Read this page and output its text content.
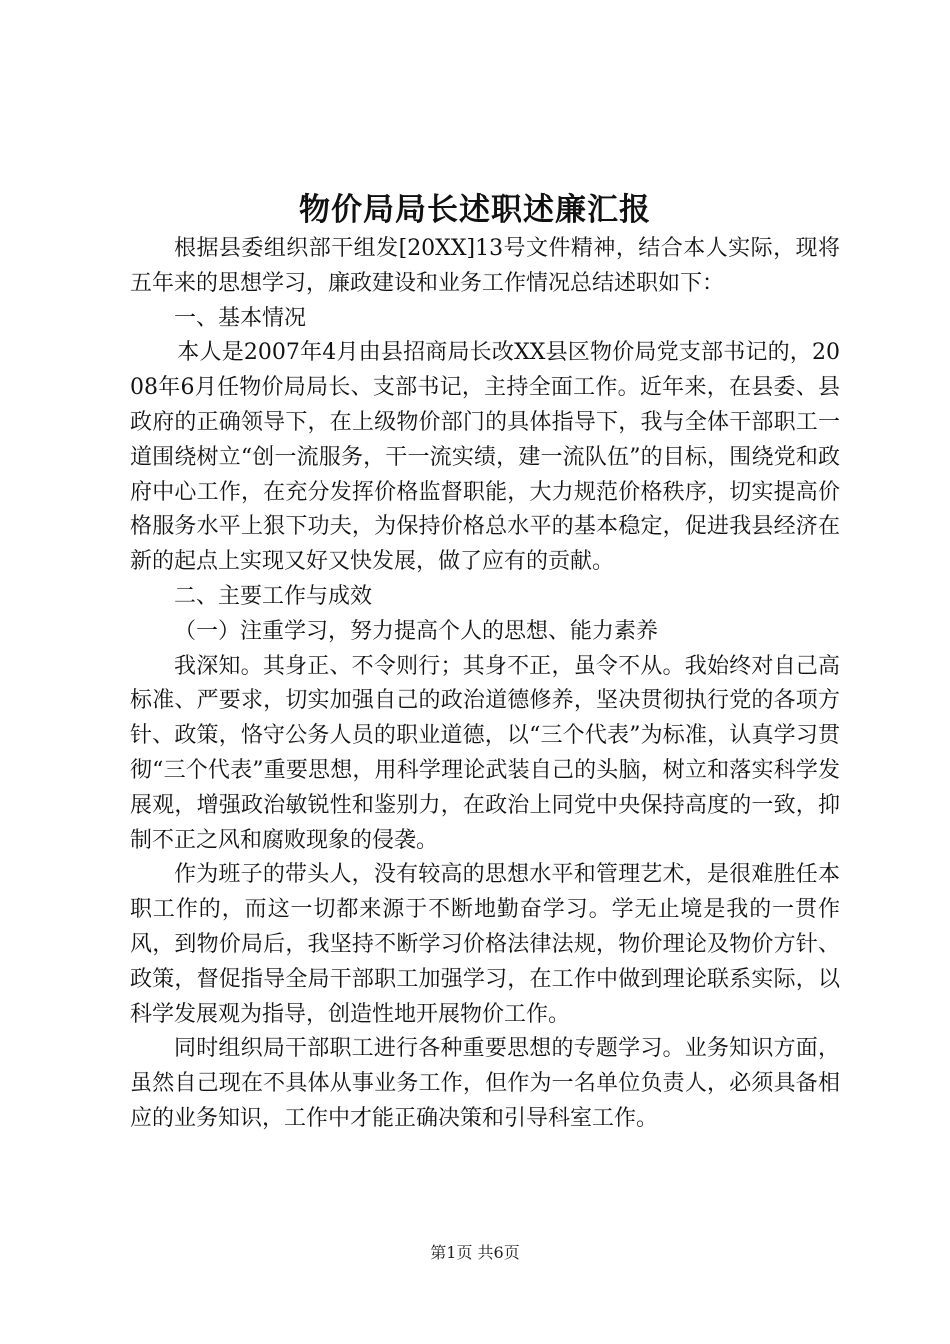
物价局局长述职述廉汇报

根据县委组织部干组发[20XX]13号文件精神，结合本人实际，现将五年来的思想学习，廉政建设和业务工作情况总结述职如下：

一、基本情况

本人是2007年4月由县招商局长改XX县区物价局党支部书记的，2008年6月任物价局局长、支部书记，主持全面工作。近年来，在县委、县政府的正确领导下，在上级物价部门的具体指导下，我与全体干部职工一道围绕树立“创一流服务，干一流实绩，建一流队伍”的目标，围绕党和政府中心工作，在充分发挥价格监督职能，大力规范价格秩序，切实提高价格服务水平上狠下功夫，为保持价格总水平的基本稳定，促进我县经济在新的起点上实现又好又快发展，做了应有的贡献。

二、主要工作与成效

（一）注重学习，努力提高个人的思想、能力素养

我深知。其身正、不令则行；其身不正，虽令不从。我始终对自己高标准、严要求，切实加强自己的政治道德修养，坚决贯彻执行党的各项方针、政策，恪守公务人员的职业道德，以“三个代表”为标准，认真学习贯彻“三个代表”重要思想，用科学理论武装自己的头脑，树立和落实科学发展观，增强政治敏锐性和鉴别力，在政治上同党中央保持高度的一致，抑制不正之风和腐败现象的侵袭。

作为班子的带头人，没有较高的思想水平和管理艺术，是很难胜任本职工作的，而这一切都来源于不断地勤奋学习。学无止境是我的一贯作风，到物价局后，我坚持不断学习价格法律法规，物价理论及物价方针、政策，督促指导全局干部职工加强学习，在工作中做到理论联系实际，以科学发展观为指导，创造性地开展物价工作。

同时组织局干部职工进行各种重要思想的专题学习。业务知识方面，虽然自己现在不具体从事业务工作，但作为一名单位负责人，必须具备相应的业务知识，工作中才能正确决策和引导科室工作。

第1页 共6页
